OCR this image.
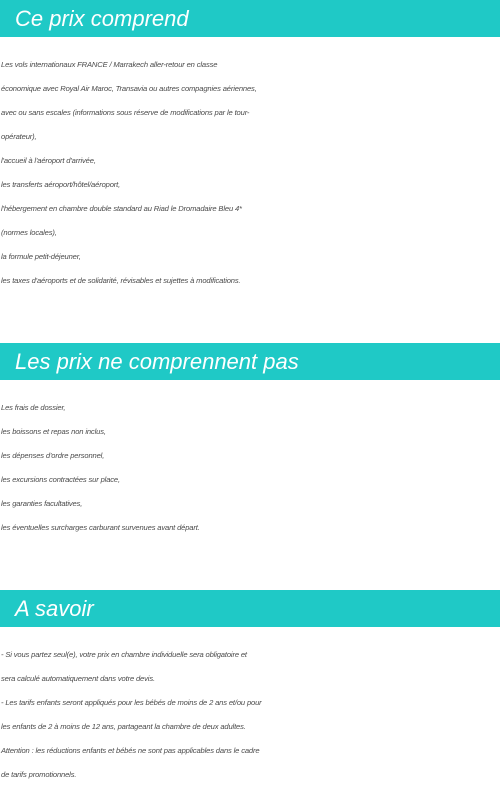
Ce prix comprend
Les vols internationaux FRANCE / Marrakech aller-retour en classe
économique avec Royal Air Maroc, Transavia ou autres compagnies aériennes,
avec ou sans escales (informations sous réserve de modifications par le tour-
opérateur),
l'accueil à l'aéroport d'arrivée,
les transferts aéroport/hôtel/aéroport,
l'hébergement en chambre double standard au Riad le Dromadaire Bleu 4*
(normes locales),
la formule petit-déjeuner,
les taxes d'aéroports et de solidarité, révisables et sujettes à modifications.
Les prix ne comprennent pas
Les frais de dossier,
les boissons et repas non inclus,
les dépenses d'ordre personnel,
les excursions contractées sur place,
les garanties facultatives,
les éventuelles surcharges carburant survenues avant départ.
A savoir
- Si vous partez seul(e), votre prix en chambre individuelle sera obligatoire et
sera calculé automatiquement dans votre devis.
- Les tarifs enfants seront appliqués pour les bébés de moins de 2 ans et/ou pour
les enfants de 2 à moins de 12 ans, partageant la chambre de deux adultes.
Attention : les réductions enfants et bébés ne sont pas applicables dans le cadre
de tarifs promotionnels.
